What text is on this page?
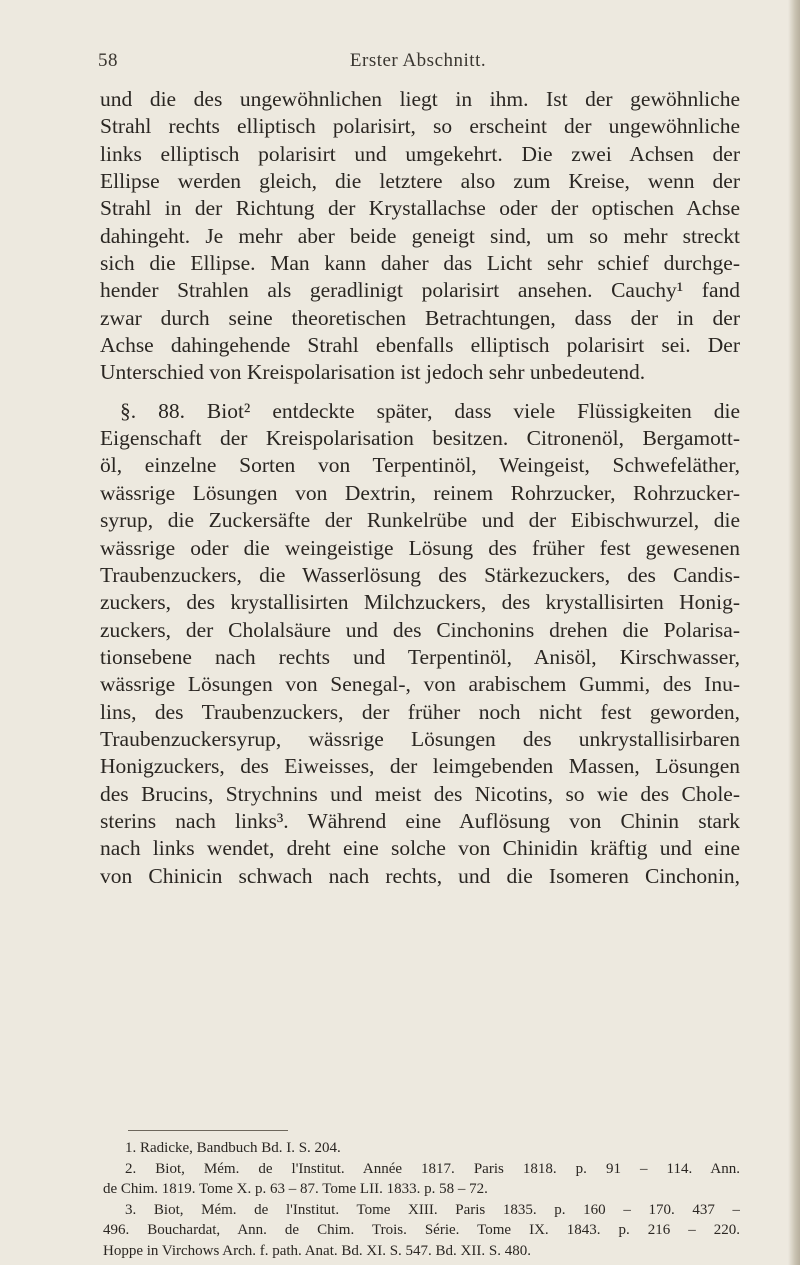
58	Erster Abschnitt.
und die des ungewöhnlichen liegt in ihm. Ist der gewöhnliche
Strahl rechts elliptisch polarisirt, so erscheint der ungewöhnliche
links elliptisch polarisirt und umgekehrt. Die zwei Achsen der
Ellipse werden gleich, die letztere also zum Kreise, wenn der
Strahl in der Richtung der Krystallachse oder der optischen Achse
dahingeht. Je mehr aber beide geneigt sind, um so mehr streckt
sich die Ellipse. Man kann daher das Licht sehr schief durchge-
hender Strahlen als geradlinigt polarisirt ansehen. Cauchy¹ fand
zwar durch seine theoretischen Betrachtungen, dass der in der
Achse dahingehende Strahl ebenfalls elliptisch polarisirt sei. Der
Unterschied von Kreispolarisation ist jedoch sehr unbedeutend.
§. 88. Biot² entdeckte später, dass viele Flüssigkeiten die
Eigenschaft der Kreispolarisation besitzen. Citronenöl, Bergamott-
öl, einzelne Sorten von Terpentinöl, Weingeist, Schwefeläther,
wässrige Lösungen von Dextrin, reinem Rohrzucker, Rohrzucker-
syrup, die Zuckersäfte der Runkelrübe und der Eibischwurzel, die
wässrige oder die weingeistige Lösung des früher fest gewesenen
Traubenzuckers, die Wasserlösung des Stärkezuckers, des Candis-
zuckers, des krystallisirten Milchzuckers, des krystallisirten Honig-
zuckers, der Cholalsäure und des Cinchonins drehen die Polarisa-
tionsebene nach rechts und Terpentinöl, Anisöl, Kirschwasser,
wässrige Lösungen von Senegal-, von arabischem Gummi, des Inu-
lins, des Traubenzuckers, der früher noch nicht fest geworden,
Traubenzuckersyrup, wässrige Lösungen des unkrystallisirbaren
Honigzuckers, des Eiweisses, der leimgebenden Massen, Lösungen
des Brucins, Strychnins und meist des Nicotins, so wie des Chole-
sterins nach links³. Während eine Auflösung von Chinin stark
nach links wendet, dreht eine solche von Chinidin kräftig und eine
von Chinicin schwach nach rechts, und die Isomeren Cinchonin,
1. Radicke, Bandbuch Bd. I. S. 204.
2. Biot, Mém. de l'Institut. Année 1817. Paris 1818. p. 91 – 114. Ann.
de Chim. 1819. Tome X. p. 63 – 87. Tome LII. 1833. p. 58 – 72.
3. Biot, Mém. de l'Institut. Tome XIII. Paris 1835. p. 160 – 170. 437 –
496. Bouchardat, Ann. de Chim. Trois. Série. Tome IX. 1843. p. 216 – 220.
Hoppe in Virchows Arch. f. path. Anat. Bd. XI. S. 547. Bd. XII. S. 480.
